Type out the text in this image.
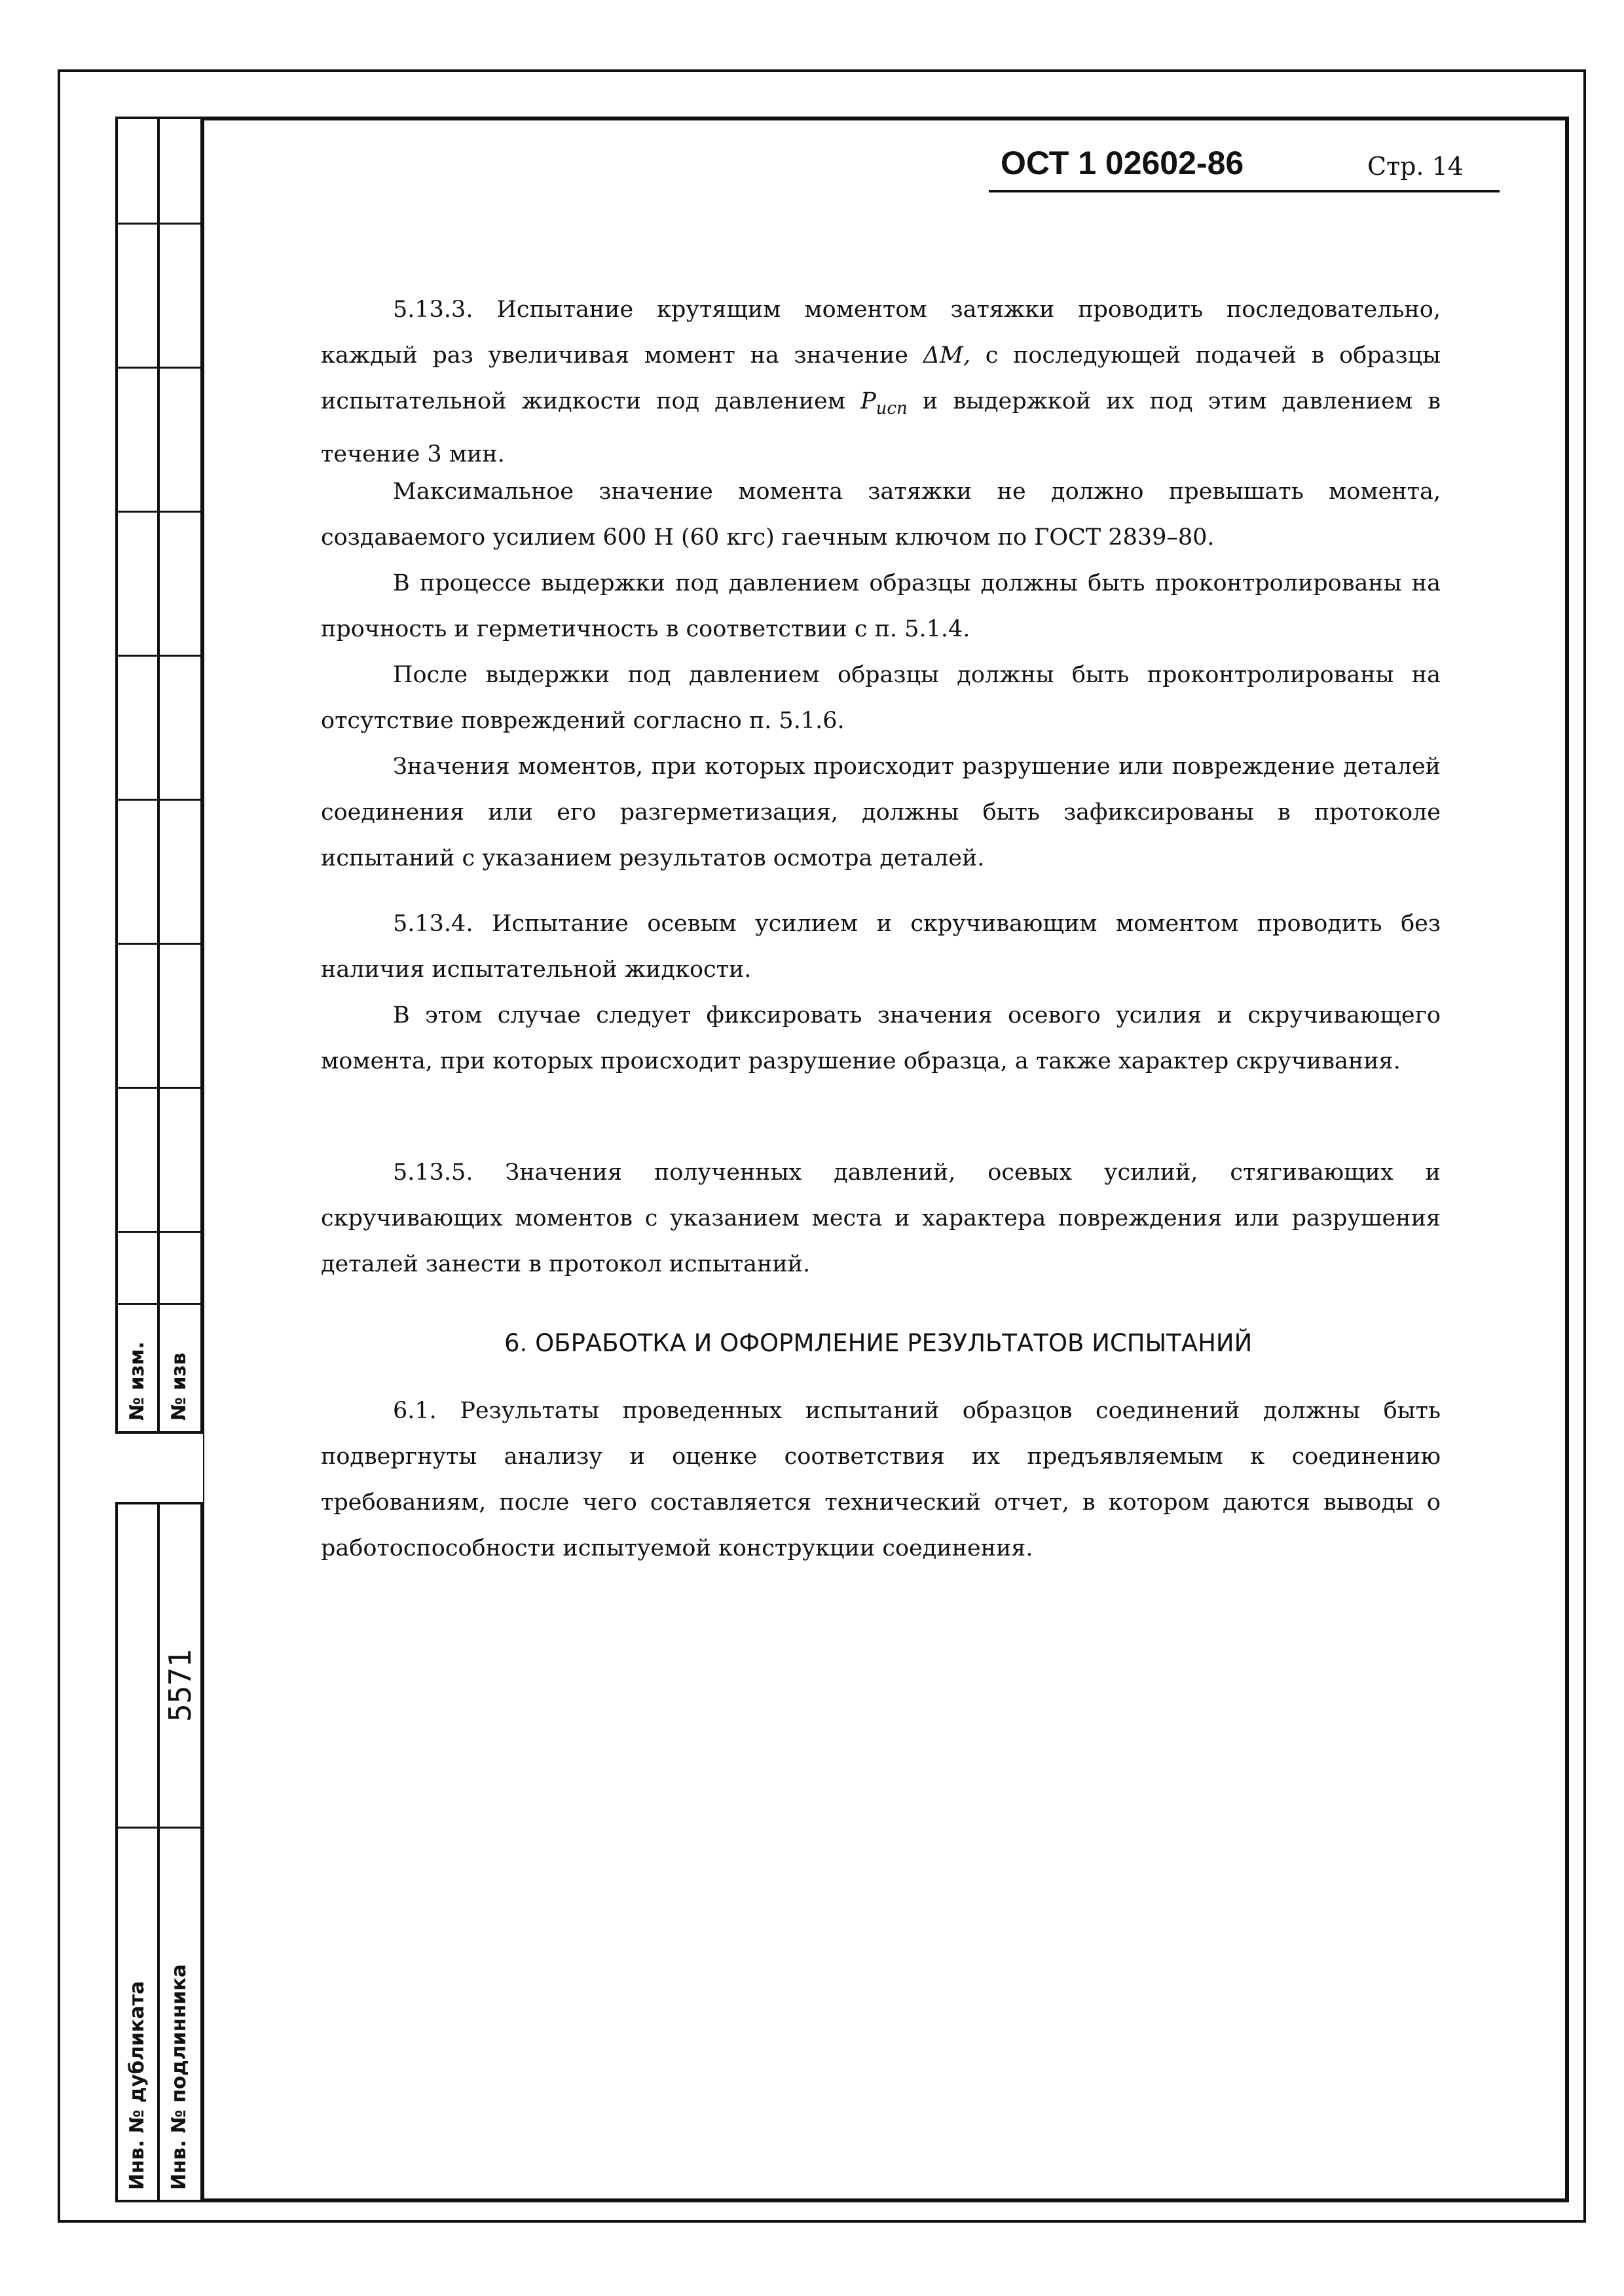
№ изм. № изв
5571
Инв. № дубликата Инв. № подлинника
ОСТ 1 02602-86	Стр. 14
5.13.3. Испытание крутящим моментом затяжки проводить последовательно, каждый раз увеличивая момент на значение ΔM, с последующей подачей в образцы испытательной жидкости под давлением $P_{исп}$ и выдержкой их под этим давлением в течение 3 мин.
Максимальное значение момента затяжки не должно превышать момента, создаваемого усилием 600 Н (60 кгс) гаечным ключом по ГОСТ 2839–80.
В процессе выдержки под давлением образцы должны быть проконтролированы на прочность и герметичность в соответствии с п. 5.1.4.
После выдержки под давлением образцы должны быть проконтролированы на отсутствие повреждений согласно п. 5.1.6.
Значения моментов, при которых происходит разрушение или повреждение деталей соединения или его разгерметизация, должны быть зафиксированы в протоколе испытаний с указанием результатов осмотра деталей.
5.13.4. Испытание осевым усилием и скручивающим моментом проводить без наличия испытательной жидкости.
В этом случае следует фиксировать значения осевого усилия и скручивающего момента, при которых происходит разрушение образца, а также характер скручивания.
5.13.5. Значения полученных давлений, осевых усилий, стягивающих и скручивающих моментов с указанием места и характера повреждения или разрушения деталей занести в протокол испытаний.
6. ОБРАБОТКА И ОФОРМЛЕНИЕ РЕЗУЛЬТАТОВ ИСПЫТАНИЙ
6.1. Результаты проведенных испытаний образцов соединений должны быть подвергнуты анализу и оценке соответствия их предъявляемым к соединению требованиям, после чего составляется технический отчет, в котором даются выводы о работоспособности испытуемой конструкции соединения.
